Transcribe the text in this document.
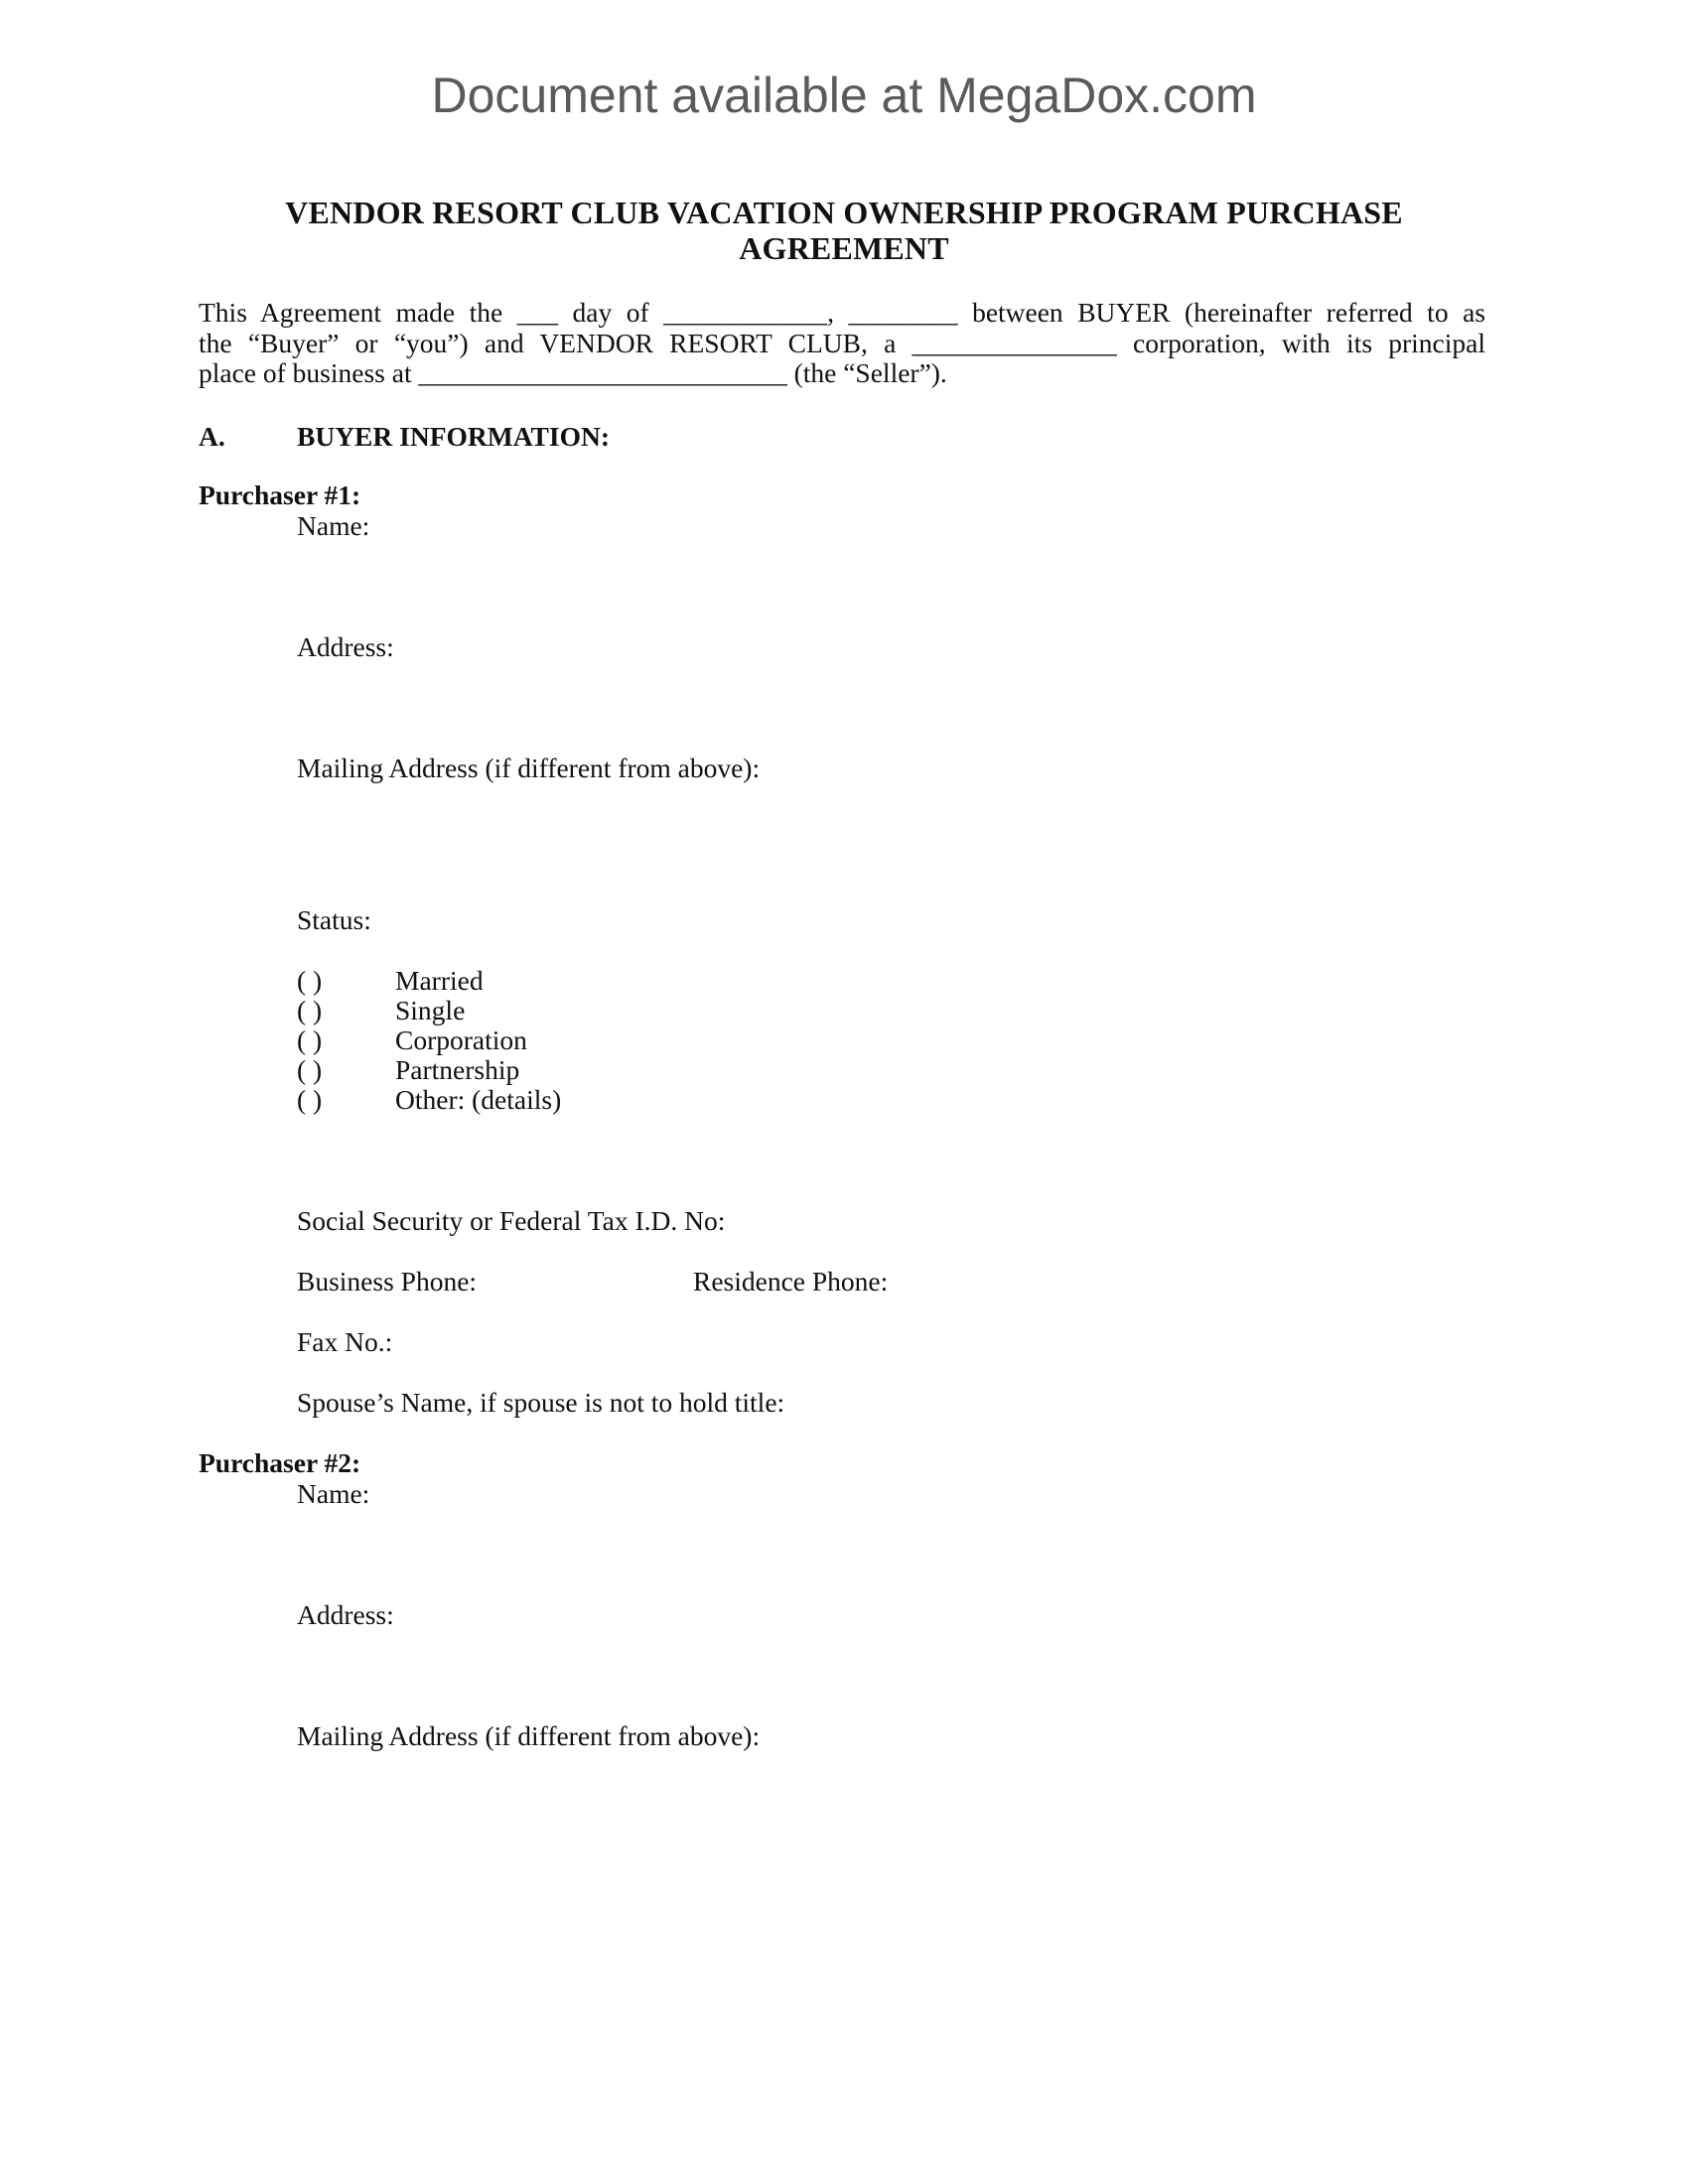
Document available at MegaDox.com
VENDOR RESORT CLUB VACATION OWNERSHIP PROGRAM PURCHASE AGREEMENT
This Agreement made the ___ day of ____________, ________ between BUYER (hereinafter referred to as
the “Buyer” or “you”) and VENDOR RESORT CLUB, a _______________ corporation, with its principal
place of business at ___________________________ (the “Seller”).
A.	BUYER INFORMATION:
Purchaser #1:
Name:
Address:
Mailing Address (if different from above):
Status:
( )	Married
( )	Single
( )	Corporation
( )	Partnership
( )	Other: (details)
Social Security or Federal Tax I.D. No:
Business Phone:	Residence Phone:
Fax No.:
Spouse’s Name, if spouse is not to hold title:
Purchaser #2:
Name:
Address:
Mailing Address (if different from above):
